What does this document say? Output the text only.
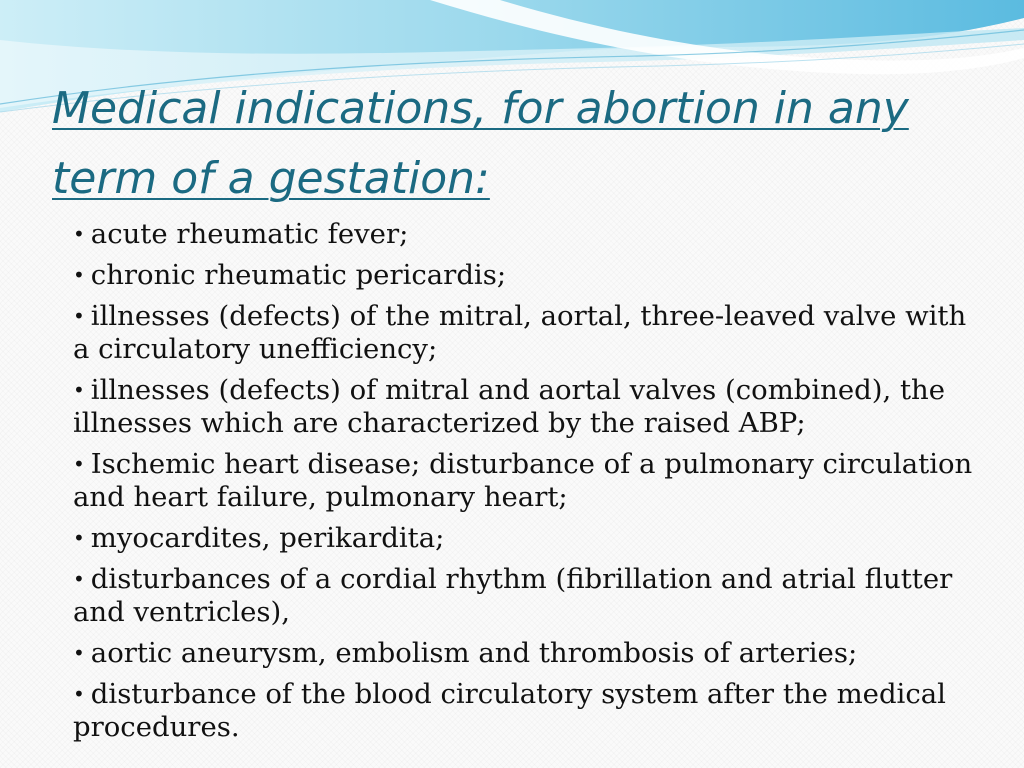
Medical indications, for abortion in any term of a gestation:
• acute rheumatic fever;
• chronic rheumatic pericardis;
• illnesses (defects) of the mitral, aortal, three-leaved valve with a circulatory unefficiency;
• illnesses (defects) of mitral and aortal valves (combined), the illnesses which are characterized by the raised ABP;
• Ischemic heart disease; disturbance of a pulmonary circulation and heart failure, pulmonary heart;
• myocardites, perikardita;
• disturbances of a cordial rhythm (fibrillation and atrial flutter and ventricles),
• aortic aneurysm, embolism and thrombosis of arteries;
• disturbance of the blood circulatory system after the medical procedures.
